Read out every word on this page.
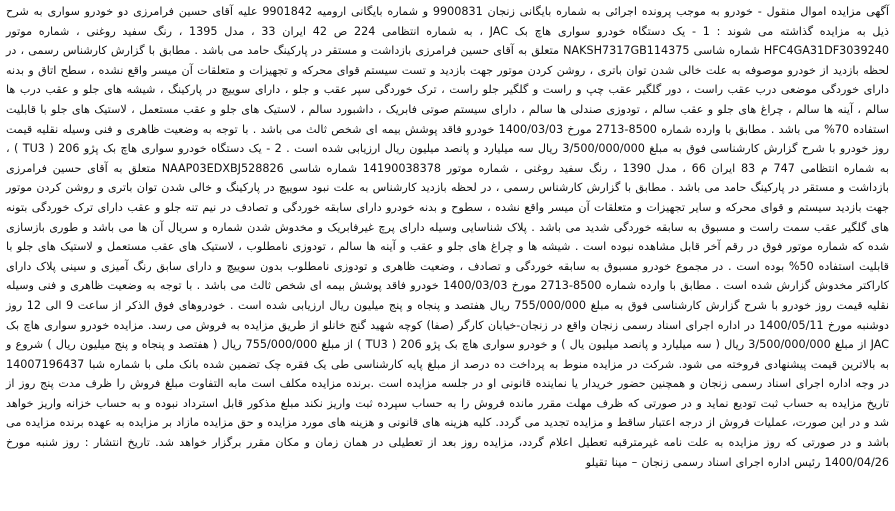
آگهی مزایده اموال منقول - خودرو به موجب پرونده اجرائی به شماره بایگانی زنجان 9900831 و شماره بایگانی ارومیه 9901842 علیه آقای حسین فرامرزی دو خودرو سواری به شرح ذیل به مزایده گذاشته می شوند : 1 - یک دستگاه خودرو سواری هاچ بک JAC ، به شماره انتظامی 224 ص 42 ایران 33 ، مدل 1395 ، رنگ سفید روغنی ، شماره موتور HFC4GA31DF3039240 شماره شاسی NAKSH7317GB114375 متعلق به آقای حسین فرامرزی بازداشت و مستقر در پارکینگ حامد می باشد . مطابق با گزارش کارشناس رسمی ، در لحظه بازدید از خودرو موصوفه به علت خالی شدن توان باتری ، روشن کردن موتور جهت بازدید و تست سیستم قوای محرکه و تجهیزات و متعلقات آن میسر واقع نشده ، سطح اتاق و بدنه دارای خوردگی موضعی درب عقب راست ، دور گلگیر عقب چپ و راست و گلگیر جلو راست ، ترک خوردگی سپر عقب و جلو ، دارای سوییچ در پارکینگ ، شیشه های جلو و عقب درب ها سالم ، آینه ها سالم ، چراغ های جلو و عقب سالم ، تودوزی صندلی ها سالم ، دارای سیستم صوتی فابریک ، داشبورد سالم ، لاستیک های جلو و عقب مستعمل ، لاستیک های جلو با قابلیت استفاده 70% می باشد . مطابق با وارده شماره 8500-2713 مورخ 1400/03/03 خودرو فاقد پوشش بیمه ای شخص ثالث می باشد . با توجه به وضعیت ظاهری و فنی وسیله نقلیه قیمت روز خودرو با شرح گزارش کارشناسی فوق به مبلغ 3/500/000/000 ریال سه میلیارد و پانصد میلیون ریال ارزیابی شده است . 2 - یک دستگاه خودرو سواری هاچ بک پژو 206 ( TU3 ) ، به شماره انتظامی 747 م 83 ایران 66 ، مدل 1390 ، رنگ سفید روغنی ، شماره موتور 14190038378 شماره شاسی NAAP03EDXBJ528826 متعلق به آقای حسین فرامرزی بازداشت و مستقر در پارکینگ حامد می باشد . مطابق با گزارش کارشناس رسمی ، در لحظه بازدید کارشناس به علت نبود سوییچ در پارکینگ و خالی شدن توان باتری و روشن کردن موتور جهت بازدید سیستم و قوای محرکه و سایر تجهیزات و متعلقات آن میسر واقع نشده ، سطوح و بدنه خودرو دارای سابقه خوردگی و تصادف در نیم تنه جلو و عقب دارای ترک خوردگی بتونه های گلگیر عقب سمت راست و مسبوق به سابقه خوردگی شدید می باشد . پلاک شناسایی وسیله دارای پرچ غیرفابریک و مخدوش شدن شماره و سریال آن ها می باشد و طوری بازسازی شده که شماره موتور فوق در رقم آخر قابل مشاهده نبوده است . شیشه ها و چراغ های جلو و عقب و آینه ها سالم ، تودوزی نامطلوب ، لاستیک های عقب مستعمل و لاستیک های جلو با قابلیت استفاده 50% بوده است . در مجموع خودرو مسبوق به سابقه خوردگی و تصادف ، وضعیت ظاهری و تودوزی نامطلوب بدون سوییچ و دارای سابق رنگ آمیزی و سینی پلاک دارای کاراکتر مخدوش گزارش شده است . مطابق با وارده شماره 8500-2713 مورخ 1400/03/03 خودرو فاقد پوشش بیمه ای شخص ثالث می باشد . با توجه به وضعیت ظاهری و فنی وسیله نقلیه قیمت روز خودرو با شرح گزارش کارشناسی فوق به مبلغ 755/000/000 ریال هفتصد و پنجاه و پنج میلیون ریال ارزیابی شده است . خودروهای فوق الذکر از ساعت 9 الی 12 روز دوشنبه مورخ 1400/05/11 در اداره اجرای اسناد رسمی زنجان واقع در زنجان-خیابان کارگر (صفا) کوچه شهید گنج خانلو از طریق مزایده به فروش می رسد. مزایده خودرو سواری هاچ بک JAC از مبلغ 3/500/000/000 ریال ( سه میلیارد و پانصد میلیون یال ) و خودرو سواری هاچ بک پژو 206 ( TU3 ) از مبلغ 755/000/000 ریال ( هفتصد و پنجاه و پنج میلیون ریال ) شروع و به بالاترین قیمت پیشنهادی فروخته می شود. شرکت در مزایده منوط به پرداخت ده درصد از مبلغ پایه کارشناسی طی یک فقره چک تضمین شده بانک ملی با شماره شبا 14007196437 در وجه اداره اجرای اسناد رسمی زنجان و همچنین حضور خریدار یا نماینده قانونی او در جلسه مزایده است .برنده مزایده مکلف است مابه التفاوت مبلغ فروش را ظرف مدت پنج روز از تاریخ مزایده به حساب ثبت تودیع نماید و در صورتی که ظرف مهلت مقرر مانده فروش را به حساب سپرده ثبت واریز نکند مبلغ مذکور قابل استرداد نبوده و به حساب خزانه واریز خواهد شد و در این صورت، عملیات فروش از درجه اعتبار ساقط و مزایده تجدید می گردد. کلیه هزینه های قانونی و هزینه های مورد مزایده و حق مزایده مازاد بر مزایده به عهده برنده مزایده می باشد و در صورتی که روز مزایده به علت نامه غیرمترقبه تعطیل اعلام گردد، مزایده روز بعد از تعطیلی در همان زمان و مکان مقرر برگزار خواهد شد. تاریخ انتشار : روز شنبه مورخ 1400/04/26 رئیس اداره اجرای اسناد رسمی زنجان – مینا تقیلو
